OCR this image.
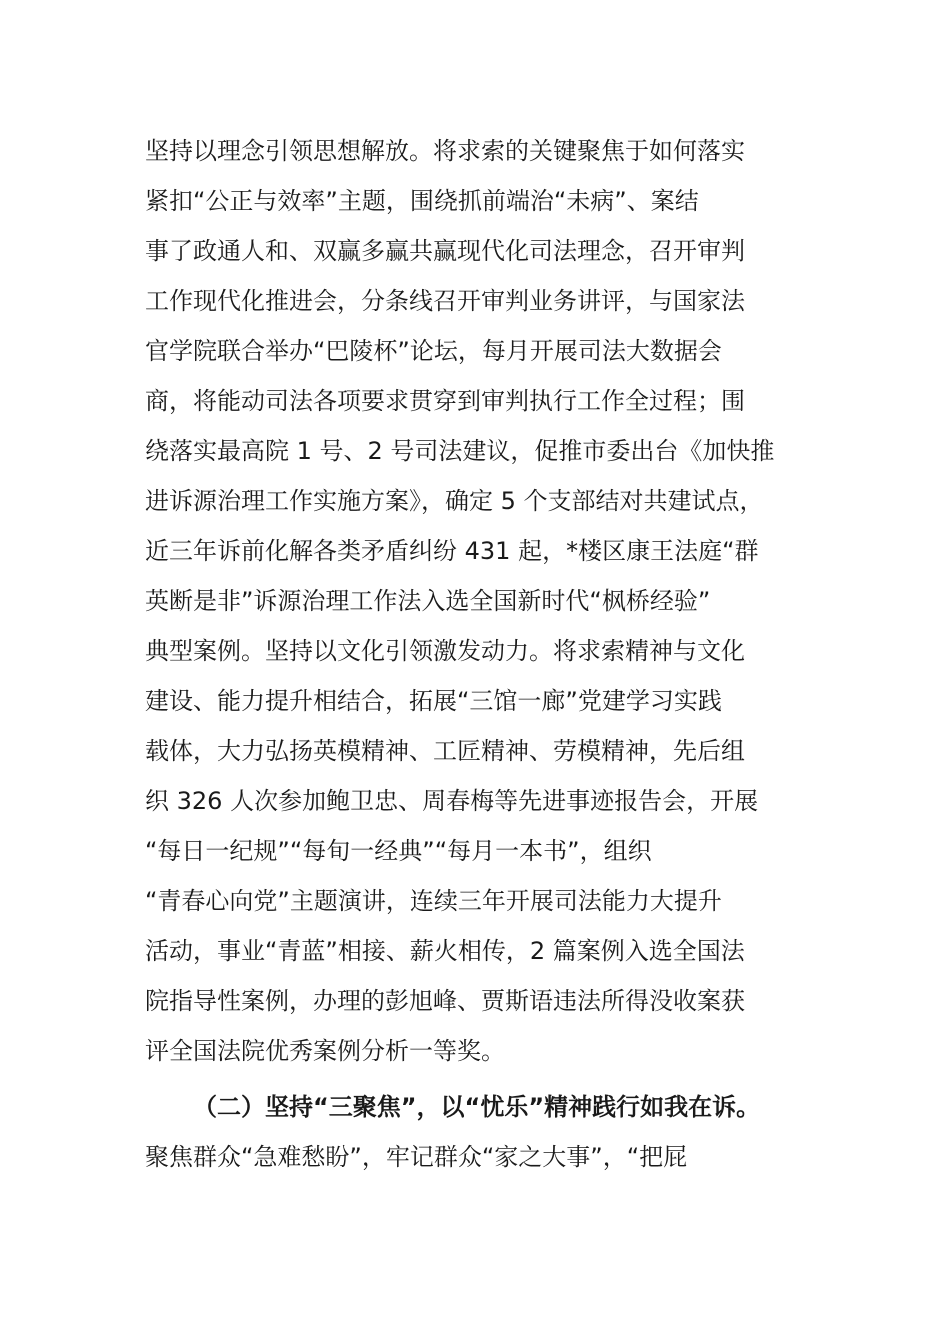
坚持以理念引领思想解放。将求索的关键聚焦于如何落实
紧扣“公正与效率”主题，围绕抓前端治“未病”、案结
事了政通人和、双赢多赢共赢现代化司法理念，召开审判
工作现代化推进会，分条线召开审判业务讲评，与国家法
官学院联合举办“巴陵杯”论坛，每月开展司法大数据会
商，将能动司法各项要求贯穿到审判执行工作全过程；围
绕落实最高院 1 号、2 号司法建议，促推市委出台《加快推
进诉源治理工作实施方案》，确定 5 个支部结对共建试点，
近三年诉前化解各类矛盾纠纷 431 起，*楼区康王法庭“群
英断是非”诉源治理工作法入选全国新时代“枫桥经验”
典型案例。坚持以文化引领激发动力。将求索精神与文化
建设、能力提升相结合，拓展“三馆一廊”党建学习实践
载体，大力弘扬英模精神、工匠精神、劳模精神，先后组
织 326 人次参加鲍卫忠、周春梅等先进事迹报告会，开展
“每日一纪规”“每旬一经典”“每月一本书”，组织
“青春心向党”主题演讲，连续三年开展司法能力大提升
活动，事业“青蓝”相接、薪火相传，2 篇案例入选全国法
院指导性案例，办理的彭旭峰、贾斯语违法所得没收案获
评全国法院优秀案例分析一等奖。
（二）坚持“三聚焦”，以“忧乐”精神践行如我在诉。
聚焦群众“急难愁盼”，牢记群众“家之大事”，“把屁
